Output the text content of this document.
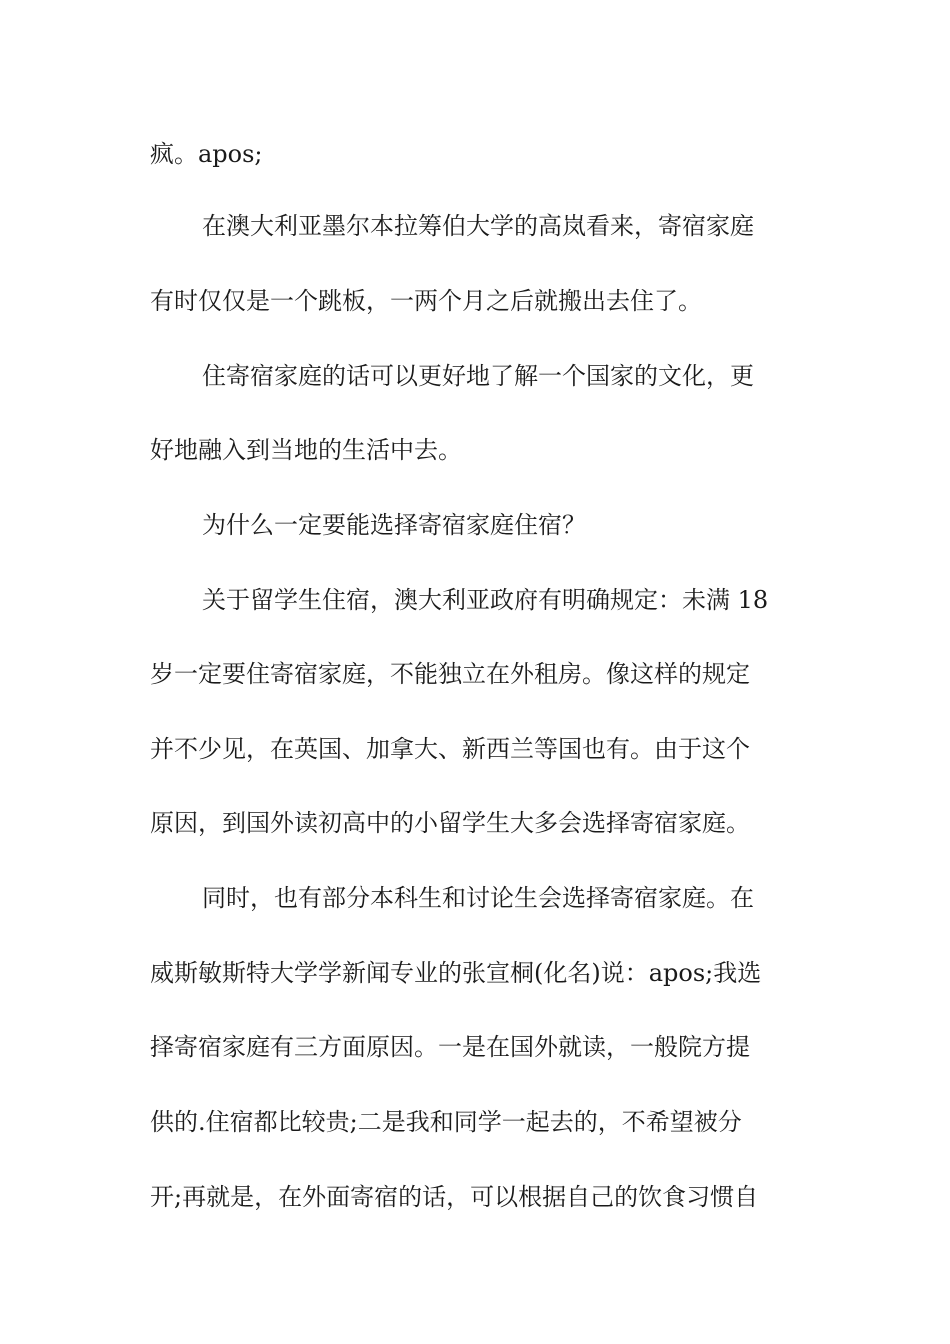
疯。apos;
在澳大利亚墨尔本拉筹伯大学的高岚看来，寄宿家庭
有时仅仅是一个跳板，一两个月之后就搬出去住了。
住寄宿家庭的话可以更好地了解一个国家的文化，更
好地融入到当地的生活中去。
为什么一定要能选择寄宿家庭住宿？
关于留学生住宿，澳大利亚政府有明确规定：未满 18
岁一定要住寄宿家庭，不能独立在外租房。像这样的规定
并不少见，在英国、加拿大、新西兰等国也有。由于这个
原因，到国外读初高中的小留学生大多会选择寄宿家庭。
同时，也有部分本科生和讨论生会选择寄宿家庭。在
威斯敏斯特大学学新闻专业的张宣桐(化名)说：apos;我选
择寄宿家庭有三方面原因。一是在国外就读，一般院方提
供的.住宿都比较贵;二是我和同学一起去的，不希望被分
开;再就是，在外面寄宿的话，可以根据自己的饮食习惯自
